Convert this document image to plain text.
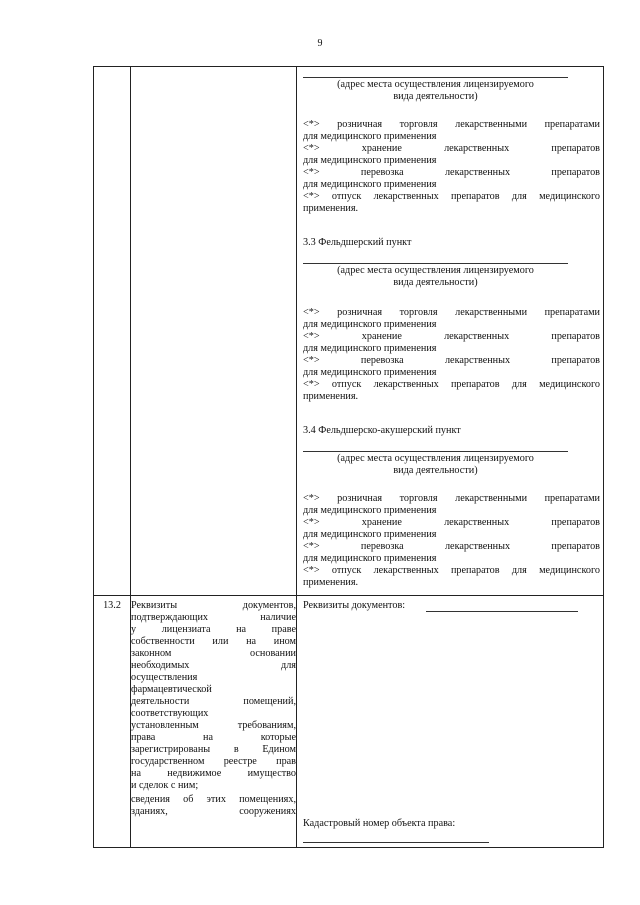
9

(адрес места осуществления лицензируемого

вида деятельности)

<*> розничная торговля лекарственными препаратами

для медицинского применения

<*> хранение лекарственных препаратов

для медицинского применения

<*> перевозка лекарственных препаратов

для медицинского применения

<*> отпуск лекарственных препаратов для медицинского

применения.

3.3 Фельдшерский пункт

(адрес места осуществления лицензируемого

вида деятельности)

<*> розничная торговля лекарственными препаратами

для медицинского применения

<*> хранение лекарственных препаратов

для медицинского применения

<*> перевозка лекарственных препаратов

для медицинского применения

<*> отпуск лекарственных препаратов для медицинского

применения.

3.4 Фельдшерско-акушерский пункт

(адрес места осуществления лицензируемого

вида деятельности)

<*> розничная торговля лекарственными препаратами

для медицинского применения

<*> хранение лекарственных препаратов

для медицинского применения

<*> перевозка лекарственных препаратов

для медицинского применения

<*> отпуск лекарственных препаратов для медицинского

применения.

13.2 Реквизиты документов,

подтверждающих наличие

у лицензиата на праве

собственности или на ином

законном основании

необходимых для

осуществления

фармацевтической

деятельности помещений,

соответствующих

установленным требованиям,

права на которые

зарегистрированы в Едином

государственном реестре прав

на недвижимое имущество

и сделок с ним;

сведения об этих помещениях,

зданиях, сооружениях

Реквизиты документов:

Кадастровый номер объекта права:
